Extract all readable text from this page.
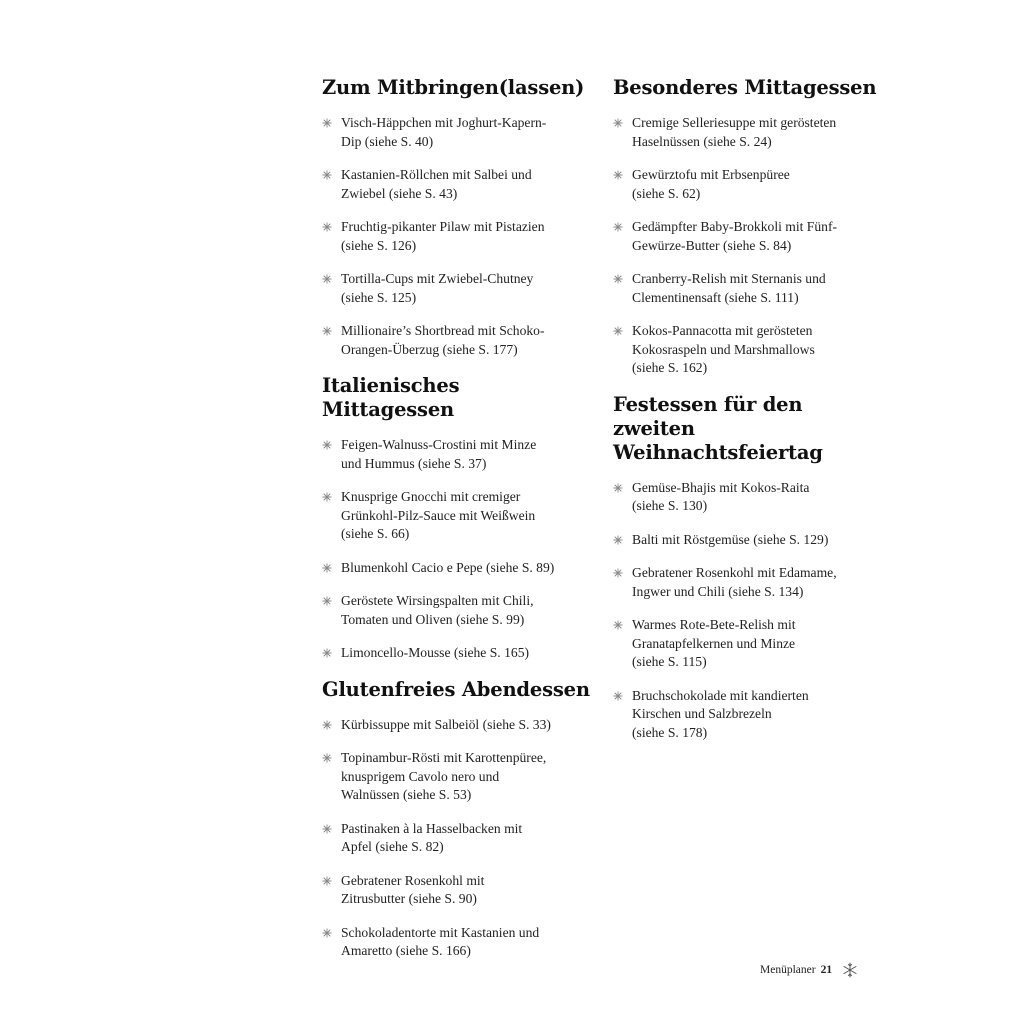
Zum Mitbringen(lassen)
Visch-Häppchen mit Joghurt-Kapern-
Dip (siehe S. 40)
Kastanien-Röllchen mit Salbei und
Zwiebel (siehe S. 43)
Fruchtig-pikanter Pilaw mit Pistazien
(siehe S. 126)
Tortilla-Cups mit Zwiebel-Chutney
(siehe S. 125)
Millionaire’s Shortbread mit Schoko-
Orangen-Überzug (siehe S. 177)
Italienisches Mittagessen
Feigen-Walnuss-Crostini mit Minze
und Hummus (siehe S. 37)
Knusprige Gnocchi mit cremiger
Grünkohl-Pilz-Sauce mit Weißwein
(siehe S. 66)
Blumenkohl Cacio e Pepe (siehe S. 89)
Geröstete Wirsingspalten mit Chili,
Tomaten und Oliven (siehe S. 99)
Limoncello-Mousse (siehe S. 165)
Glutenfreies Abendessen
Kürbissuppe mit Salbeiöl (siehe S. 33)
Topinambur-Rösti mit Karottenpüree,
knusprigem Cavolo nero und
Walnüssen (siehe S. 53)
Pastinaken à la Hasselbacken mit
Apfel (siehe S. 82)
Gebratener Rosenkohl mit
Zitrusbutter (siehe S. 90)
Schokoladentorte mit Kastanien und
Amaretto (siehe S. 166)
Besonderes Mittagessen
Cremige Selleriesuppe mit gerösteten
Haselnüssen (siehe S. 24)
Gewürztofu mit Erbsenpüree
(siehe S. 62)
Gedämpfter Baby-Brokkoli mit Fünf-
Gewürze-Butter (siehe S. 84)
Cranberry-Relish mit Sternanis und
Clementinensaft (siehe S. 111)
Kokos-Pannacotta mit gerösteten
Kokosraspeln und Marshmallows
(siehe S. 162)
Festessen für den zweiten
Weihnachtsfeiertag
Gemüse-Bhajis mit Kokos-Raita
(siehe S. 130)
Balti mit Röstgemüse (siehe S. 129)
Gebratener Rosenkohl mit Edamame,
Ingwer und Chili (siehe S. 134)
Warmes Rote-Bete-Relish mit
Granatapfelkernen und Minze
(siehe S. 115)
Bruchschokolade mit kandierten
Kirschen und Salzbrezeln
(siehe S. 178)
Menüplaner 21
